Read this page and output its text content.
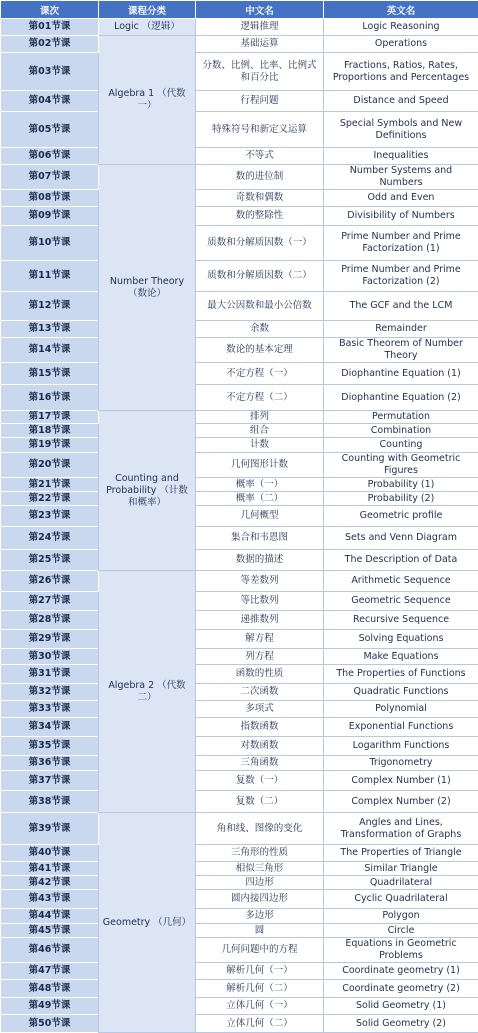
课次	课程分类	中文名	英文名
第01节课	Logic （逻辑）	逻辑推理	Logic Reasoning
第02节课	Algebra 1 （代数一）	基础运算	Operations
第03节课		分数、比例、比率、比例式和百分比	Fractions, Ratios, Rates, Proportions and Percentages
第04节课		行程问题	Distance and Speed
第05节课		特殊符号和新定义运算	Special Symbols and New Definitions
第06节课		不等式	Inequalities
第07节课	Number Theory （数论）	数的进位制	Number Systems and Numbers
第08节课		奇数和偶数	Odd and Even
第09节课		数的整除性	Divisibility of Numbers
第10节课		质数和分解质因数（一）	Prime Number and Prime Factorization (1)
第11节课		质数和分解质因数（二）	Prime Number and Prime Factorization (2)
第12节课		最大公因数和最小公倍数	The GCF and the LCM
第13节课		余数	Remainder
第14节课		数论的基本定理	Basic Theorem of Number Theory
第15节课		不定方程（一）	Diophantine Equation (1)
第16节课		不定方程（二）	Diophantine Equation (2)
第17节课	Counting and Probability （计数和概率）	排列	Permutation
第18节课		组合	Combination
第19节课		计数	Counting
第20节课		几何图形计数	Counting with Geometric Figures
第21节课		概率（一）	Probability (1)
第22节课		概率（二）	Probability (2)
第23节课		几何概型	Geometric profile
第24节课		集合和韦恩图	Sets and Venn Diagram
第25节课		数据的描述	The Description of Data
第26节课	Algebra 2 （代数二）	等差数列	Arithmetic Sequence
第27节课		等比数列	Geometric Sequence
第28节课		递推数列	Recursive Sequence
第29节课		解方程	Solving Equations
第30节课		列方程	Make Equations
第31节课		函数的性质	The Properties of Functions
第32节课		二次函数	Quadratic Functions
第33节课		多项式	Polynomial
第34节课		指数函数	Exponential Functions
第35节课		对数函数	Logarithm Functions
第36节课		三角函数	Trigonometry
第37节课		复数（一）	Complex Number (1)
第38节课		复数（二）	Complex Number (2)
第39节课	Geometry （几何）	角和线、图像的变化	Angles and Lines, Transformation of Graphs
第40节课		三角形的性质	The Properties of Triangle
第41节课		相似三角形	Similar Triangle
第42节课		四边形	Quadrilateral
第43节课		圆内接四边形	Cyclic Quadrilateral
第44节课		多边形	Polygon
第45节课		圆	Circle
第46节课		几何问题中的方程	Equations in Geometric Problems
第47节课		解析几何（一）	Coordinate geometry (1)
第48节课		解析几何（二）	Coordinate geometry (2)
第49节课		立体几何（一）	Solid Geometry (1)
第50节课		立体几何（二）	Solid Geometry (2)
